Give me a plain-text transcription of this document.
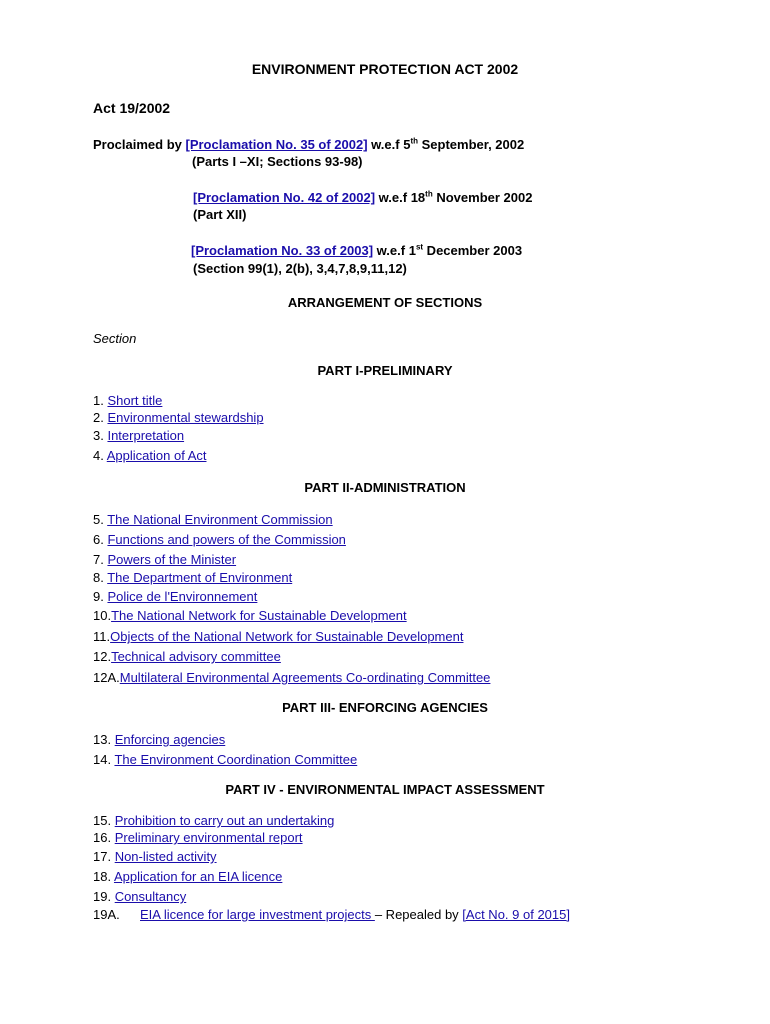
ENVIRONMENT PROTECTION ACT 2002
Act 19/2002
Proclaimed by [Proclamation No. 35 of 2002] w.e.f 5th September, 2002
(Parts I –XI; Sections 93-98)
[Proclamation No. 42 of 2002] w.e.f 18th November 2002
(Part XII)
[Proclamation No. 33 of 2003] w.e.f 1st December 2003
(Section 99(1), 2(b), 3,4,7,8,9,11,12)
ARRANGEMENT OF SECTIONS
Section
PART I-PRELIMINARY
1. Short title
2. Environmental stewardship
3. Interpretation
4. Application of Act
PART II-ADMINISTRATION
5. The National Environment Commission
6. Functions and powers of the Commission
7. Powers of the Minister
8. The Department of Environment
9. Police de l'Environnement
10.The National Network for Sustainable Development
11.Objects of the National Network for Sustainable Development
12.Technical advisory committee
12A.Multilateral Environmental Agreements Co-ordinating Committee
PART III- ENFORCING AGENCIES
13. Enforcing agencies
14. The Environment Coordination Committee
PART IV - ENVIRONMENTAL IMPACT ASSESSMENT
15. Prohibition to carry out an undertaking
16. Preliminary environmental report
17. Non-listed activity
18. Application for an EIA licence
19. Consultancy
19A. EIA licence for large investment projects – Repealed by [Act No. 9 of 2015]
